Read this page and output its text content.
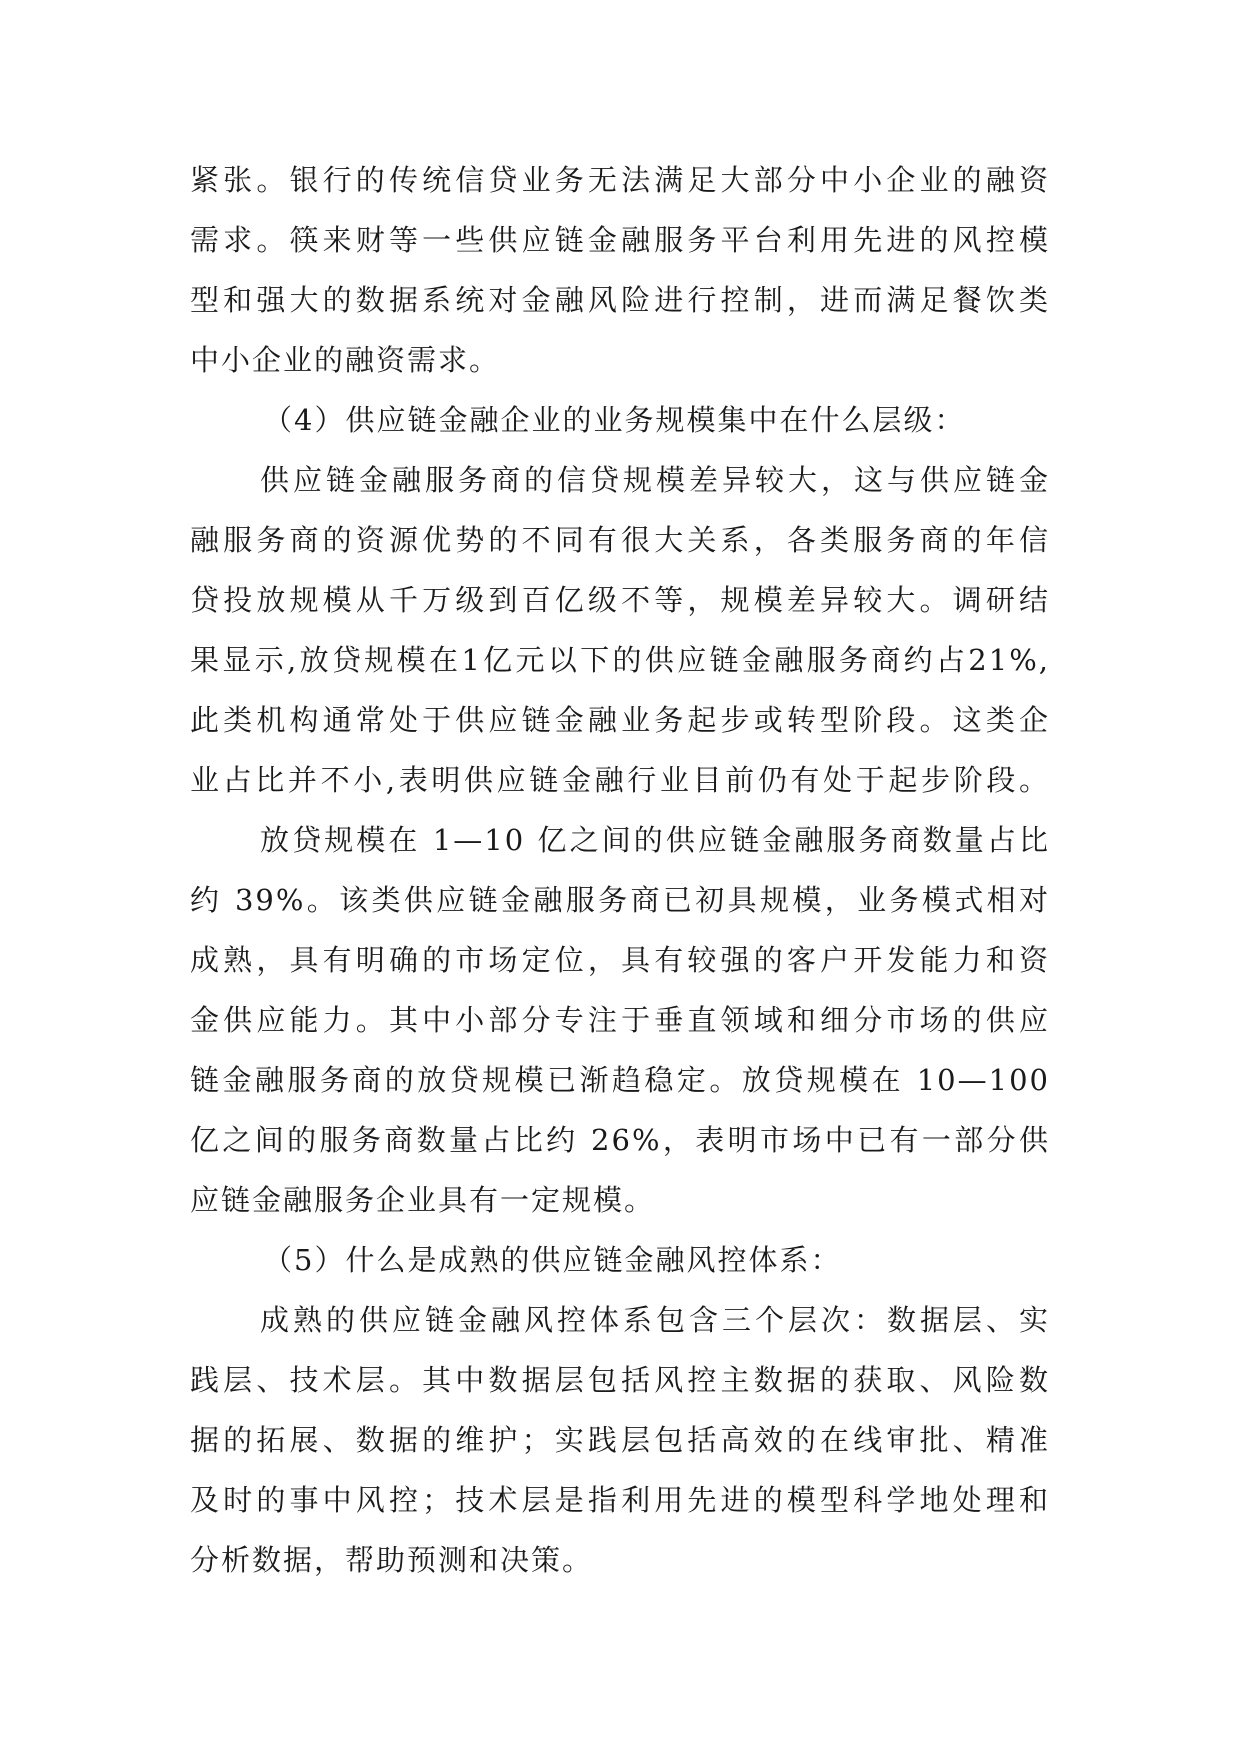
紧张。银行的传统信贷业务无法满足大部分中小企业的融资
需求。筷来财等一些供应链金融服务平台利用先进的风控模
型和强大的数据系统对金融风险进行控制，进而满足餐饮类
中小企业的融资需求。
（4）供应链金融企业的业务规模集中在什么层级：
供应链金融服务商的信贷规模差异较大，这与供应链金
融服务商的资源优势的不同有很大关系，各类服务商的年信
贷投放规模从千万级到百亿级不等，规模差异较大。调研结
果显示,放贷规模在1亿元以下的供应链金融服务商约占21%,
此类机构通常处于供应链金融业务起步或转型阶段。这类企
业占比并不小,表明供应链金融行业目前仍有处于起步阶段。
放贷规模在 1—10 亿之间的供应链金融服务商数量占比
约 39%。该类供应链金融服务商已初具规模，业务模式相对
成熟，具有明确的市场定位，具有较强的客户开发能力和资
金供应能力。其中小部分专注于垂直领域和细分市场的供应
链金融服务商的放贷规模已渐趋稳定。放贷规模在 10—100
亿之间的服务商数量占比约 26%，表明市场中已有一部分供
应链金融服务企业具有一定规模。
（5）什么是成熟的供应链金融风控体系：
成熟的供应链金融风控体系包含三个层次：数据层、实
践层、技术层。其中数据层包括风控主数据的获取、风险数
据的拓展、数据的维护；实践层包括高效的在线审批、精准
及时的事中风控；技术层是指利用先进的模型科学地处理和
分析数据，帮助预测和决策。
